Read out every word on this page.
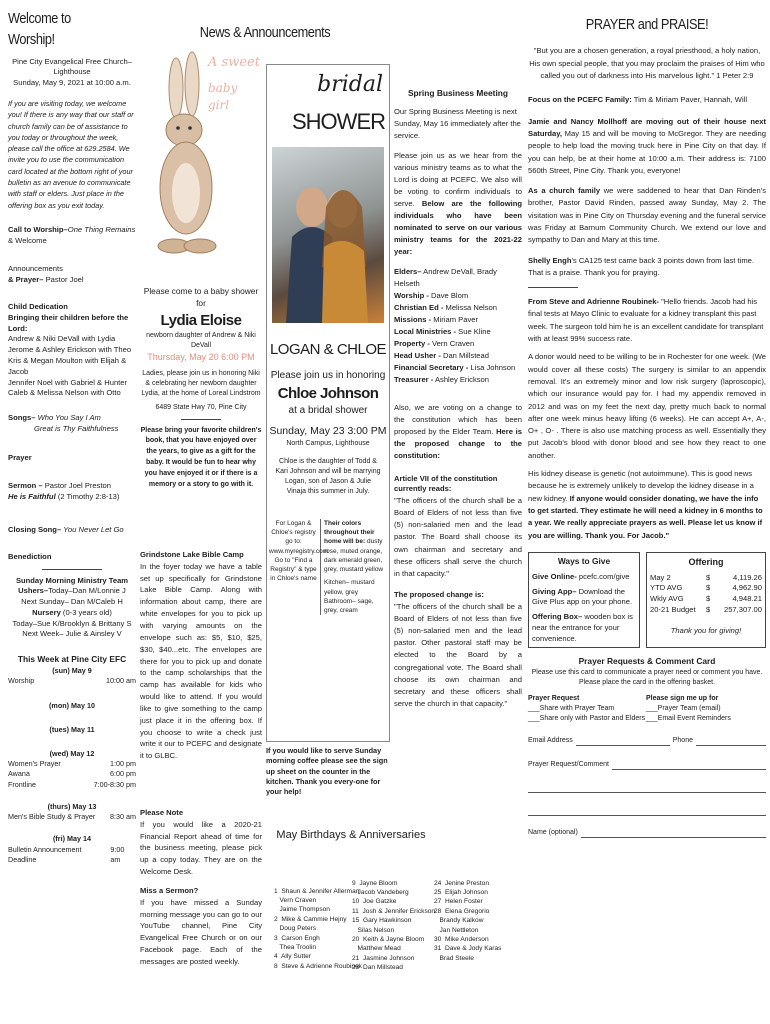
Welcome to Worship!
Pine City Evangelical Free Church–Lighthouse
Sunday, May 9, 2021 at 10:00 a.m.
If you are visiting today, we welcome you! If there is any way that our staff or church family can be of assistance to you today or throughout the week, please call the office at 629.2584. We invite you to use the communication card located at the bottom right of your bulletin as an avenue to communicate with staff or elders. Just place in the offering box as you exit today.
Call to Worship–One Thing Remains
& Welcome
Announcements
& Prayer– Pastor Joel
Child Dedication
Bringing their children before the Lord:
Andrew & Niki DeVall with Lydia
Jerome & Ashley Erickson with Theo
Kris & Megan Moulton with Elijah & Jacob
Jennifer Noel with Gabriel & Hunter
Caleb & Melissa Nelson with Otto
Songs– Who You Say I Am
Great is Thy Faithfulness
Prayer
Sermon – Pastor Joel Preston
He is Faithful (2 Timothy 2:8-13)
Closing Song– You Never Let Go
Benediction
Sunday Morning Ministry Team
Ushers–Today–Dan M/Lonnie J
Next Sunday– Dan M/Caleb H
Nursery (0-3 years old)
Today–Sue K/Brooklyn & Brittany S
Next Week– Julie & Ainsley V
This Week at Pine City EFC
(sun) May 9
Worship	10:00 am
(mon) May 10
(tues) May 11
(wed) May 12
Women's Prayer	1:00 pm
Awana	6:00 pm
Frontline	7:00-8:30 pm
(thurs) May 13
Men's Bible Study & Prayer 8:30 am
(fri) May 14
Bulletin Announcement Deadline
9:00 am
News & Announcements
A sweet
baby girl
Please come to a baby shower for
Lydia Eloise
newborn daughter of Andrew & Niki DeVall
Thursday, May 20 6:00 PM
Ladies, please join us in honoring Niki & celebrating her newborn daughter Lydia, at the home of Loreal Lindstrom
6489 State Hwy 70, Pine City
Please bring your favorite children's book, that you have enjoyed over the years, to give as a gift for the baby. It would be fun to hear why you have enjoyed it or if there is a memory or a story to go with it.
bridal
SHOWER
LOGAN & CHLOE
Please join us in honoring
Chloe Johnson
at a bridal shower
Sunday, May 23 3:00 PM
North Campus, Lighthouse
Chloe is the daughter of Todd & Kari Johnson and will be marrying Logan, son of Jason & Julie Vinaja this summer in July.
For Logan & Chloe's registry go to: www.myregistry.com Go to "Find a Registry" & type in Chloe's name
Their colors throughout their home will be: dusty rose, muted orange, dark emerald green, grey, mustard yellow
Kitchen– mustard yellow, grey
Bathroom– sage, grey, cream
If you would like to serve Sunday morning coffee please see the sign up sheet on the counter in the kitchen. Thank you every-one for your help!
Grindstone Lake Bible Camp
In the foyer today we have a table set up specifically for Grindstone Lake Bible Camp. Along with information about camp, there are white envelopes for you to pick up with varying amounts on the envelope such as: $5, $10, $25, $30, $40...etc. The envelopes are there for you to pick up and donate to the camp scholarships that the camp has available for kids who would like to attend. If you would like to give something to the camp just place it in the offering box. If you choose to write a check just write it our to PCEFC and designate it to GLBC.
Please Note
If you would like a 2020-21 Financial Report ahead of time for the business meeting, please pick up a copy today. They are on the Welcome Desk.
Miss a Sermon?
If you have missed a Sunday morning message you can go to our YouTube channel, Pine City Evangelical Free Church or on our Facebook page. Each of the messages are posted weekly.
May Birthdays & Anniversaries

1  Shaun & Jennifer Allerman
Vern Craven
Jaime Thompson
2  Mike & Cammie Hejny
Doug Peters
3  Carson Engh
Thea Troolin
4  Ally Sutter
8  Steve & Adrienne Roubinek

9  Jayne Bloom
Jacob Vandeberg
10  Joe Gatzke
11  Josh & Jennifer Erickson
15  Gary Hawkinson
Silas Nelson
20  Keith & Jayne Bloom
Matthew Mead
21  Jasmine Johnson
23  Dan Millstead

24  Jenine Preston
25  Elijah Johnson
27  Helen Foster
28  Elena Gregorio
Brandy Kalkow
Jan Nettleton
30  Mike Anderson
31  Dave & Jody Karas
Brad Steele

Spring Business Meeting
Our Spring Business Meeting is next Sunday, May 16 immediately after the service.
Please join us as we hear from the various ministry teams as to what the Lord is doing at PCEFC. We also will be voting to confirm individuals to serve. Below are the following individuals who have been nominated to serve on our various ministry teams for the 2021-22 year:
Elders– Andrew DeVall, Brady Helseth
Worship - Dave Blom
Christian Ed - Melissa Nelson
Missions - Miriam Paver
Local Ministries - Sue Kline
Property - Vern Craven
Head Usher - Dan Millstead
Financial Secretary - Lisa Johnson
Treasurer - Ashley Erickson
Also, we are voting on a change to the constitution which has been proposed by the Elder Team. Here is the proposed change to the constitution:
Article VII of the constitution currently reads:
"The officers of the church shall be a Board of Elders of not less than five (5) non-salaried men and the lead pastor. The Board shall choose its own chairman and secretary and these officers shall serve the church in that capacity."
The proposed change is:
"The officers of the church shall be a Board of Elders of not less than five (5) non-salaried men and the lead pastor. Other pastoral staff may be elected to the Board by a congregational vote. The Board shall choose its own chairman and secretary and these officers shall serve the church in that capacity."
PRAYER and PRAISE!
"But you are a chosen generation, a royal priesthood, a holy nation, His own special people, that you may proclaim the praises of Him who called you out of darkness into His marvelous light." 1 Peter 2:9
Focus on the PCEFC Family: Tim & Miriam Paver, Hannah, Will
Jamie and Nancy Mollhoff are moving out of their house next Saturday, May 15 and will be moving to McGregor. They are needing people to help load the moving truck here in Pine City on that day. If you can help, be at their home at 10:00 a.m. Their address is: 7100 560th Street, Pine City. Thank you, everyone!
As a church family we were saddened to hear that Dan Rinden's brother, Pastor David Rinden, passed away Sunday, May 2. The visitation was in Pine City on Thursday evening and the funeral service was Friday at Barnum Community Church. We extend our love and sympathy to Dan and Mary at this time.
Shelly Engh's CA125 test came back 3 points down from last time. That is a praise. Thank you for praying.
From Steve and Adrienne Roubinek- "Hello friends. Jacob had his final tests at Mayo Clinic to evaluate for a kidney transplant this past week. The surgeon told him he is an excellent candidate for transplant with at least 99% success rate.
A donor would need to be willing to be in Rochester for one week. (We would cover all these costs) The surgery is similar to an appendix removal. It's an extremely minor and low risk surgery (laproscopic), which our insurance would pay for. I had my appendix removed in 2012 and was on my feet the next day, pretty much back to normal after one week minus heavy lifting (6 weeks). He can accept A+, A-, O+ , O- . There is also use matching process as well. Essentially they put Jacob's blood with donor blood and see how they react to one another.
His kidney disease is genetic (not autoimmune). This is good news because he is extremely unlikely to develop the kidney disease in a new kidney. If anyone would consider donating, we have the info to get started. They estimate he will need a kidney in 6 months to a year. We really appreciate prayers as well. Please let us know if you are willing. Thank you. For Jacob."
Ways to Give
Give Online- pcefc.com/give
Giving App– Download the Give Plus app on your phone.
Offering Box– wooden box is near the entrance for your convenience.
Offering
May 2	$	4,119.26
YTD AVG	$	4,962.90
Wkly AVG	$	4,948.21
20-21 Budget	$	257,307.00
Thank you for giving!
Prayer Requests & Comment Card
Please use this card to communicate a prayer need or comment you have. Please place the card in the offering basket.
Prayer Request
___Share with Prayer Team
___Share only with Pastor and Elders
Please sign me up for
___Prayer Team (email)
___Email Event Reminders
Email Address	Phone
Prayer Request/Comment
Name (optional)
